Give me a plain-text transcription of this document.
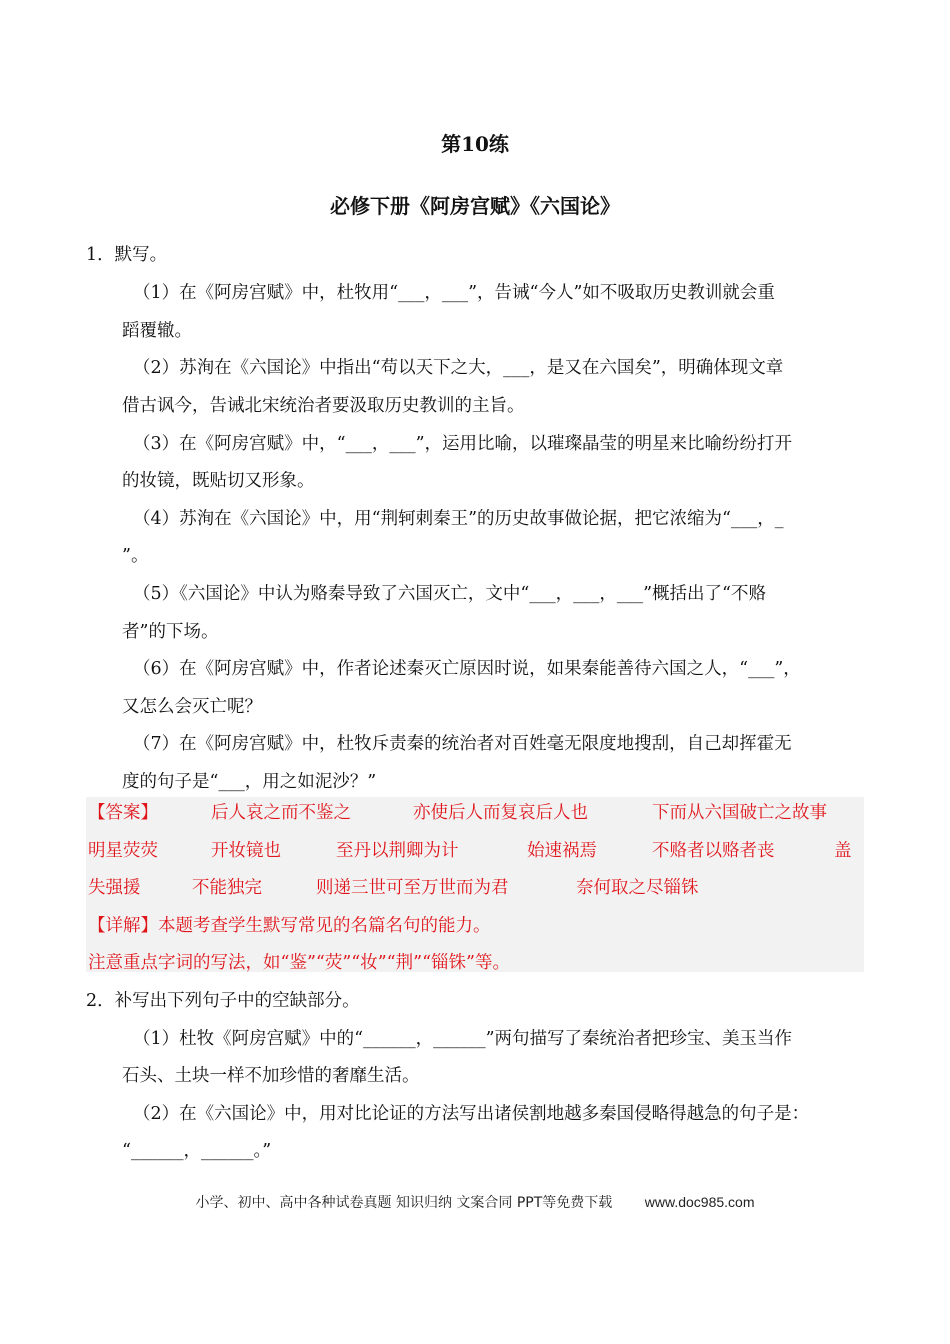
第10练
必修下册《阿房宫赋》《六国论》
1．默写。
（1）在《阿房宫赋》中，杜牧用“___，___”，告诫“今人”如不吸取历史教训就会重
蹈覆辙。
（2）苏洵在《六国论》中指出“苟以天下之大，___，是又在六国矣”，明确体现文章
借古讽今，告诫北宋统治者要汲取历史教训的主旨。
（3）在《阿房宫赋》中，“___，___”，运用比喻，以璀璨晶莹的明星来比喻纷纷打开
的妆镜，既贴切又形象。
（4）苏洵在《六国论》中，用“荆轲刺秦王”的历史故事做论据，把它浓缩为“___，_
”。
（5）《六国论》中认为赂秦导致了六国灭亡，文中“___，___，___”概括出了“不赂
者”的下场。
（6）在《阿房宫赋》中，作者论述秦灭亡原因时说，如果秦能善待六国之人，“___”，
又怎么会灭亡呢？
（7）在《阿房宫赋》中，杜牧斥责秦的统治者对百姓毫无限度地搜刮，自己却挥霍无
度的句子是“___，用之如泥沙？”
【答案】	后人哀之而不鉴之	亦使后人而复哀后人也	下而从六国破亡之故事
明星荧荧	开妆镜也	至丹以荆卿为计	始速祸焉	不赂者以赂者丧	盖
失强援	不能独完	则递三世可至万世而为君	奈何取之尽锱铢
【详解】本题考查学生默写常见的名篇名句的能力。
注意重点字词的写法，如“鉴”“荧”“妆”“荆”“锱铢”等。
2．补写出下列句子中的空缺部分。
（1）杜牧《阿房宫赋》中的“______，______”两句描写了秦统治者把珍宝、美玉当作
石头、土块一样不加珍惜的奢靡生活。
（2）在《六国论》中，用对比论证的方法写出诸侯割地越多秦国侵略得越急的句子是：
“______，______。”
小学、初中、高中各种试卷真题 知识归纳 文案合同 PPT等免费下载 www.doc985.com
